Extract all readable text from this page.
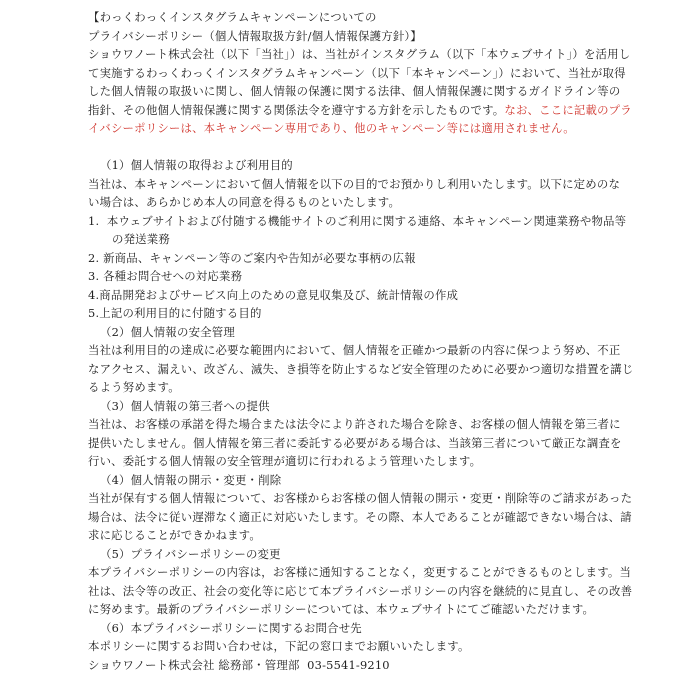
【わっくわっくインスタグラムキャンペーンについての
プライバシーポリシー（個人情報取扱方針/個人情報保護方針）】
ショウワノート株式会社（以下「当社」）は、当社がインスタグラム（以下「本ウェブサイト」）を活用し
て実施するわっくわっくインスタグラムキャンペーン（以下「本キャンペーン」）において、当社が取得
した個人情報の取扱いに関し、個人情報の保護に関する法律、個人情報保護に関するガイドライン等の
指針、その他個人情報保護に関する関係法令を遵守する方針を示したものです。なお、ここに記載のプラ
イバシーポリシーは、本キャンペーン専用であり、他のキャンペーン等には適用されません。
（1）個人情報の取得および利用目的
当社は、本キャンペーンにおいて個人情報を以下の目的でお預かりし利用いたします。以下に定めのな
い場合は、あらかじめ本人の同意を得るものといたします。
1.  本ウェブサイトおよび付随する機能サイトのご利用に関する連絡、本キャンペーン関連業務や物品等
の発送業務
2. 新商品、キャンペーン等のご案内や告知が必要な事柄の広報
3. 各種お問合せへの対応業務
4.商品開発およびサービス向上のための意見収集及び、統計情報の作成
5.上記の利用目的に付随する目的
（2）個人情報の安全管理
当社は利用目的の達成に必要な範囲内において、個人情報を正確かつ最新の内容に保つよう努め、不正
なアクセス、漏えい、改ざん、滅失、き損等を防止するなど安全管理のために必要かつ適切な措置を講じ
るよう努めます。
（3）個人情報の第三者への提供
当社は、お客様の承諾を得た場合または法令により許された場合を除き、お客様の個人情報を第三者に
提供いたしません。個人情報を第三者に委託する必要がある場合は、当該第三者について厳正な調査を
行い、委託する個人情報の安全管理が適切に行われるよう管理いたします。
（4）個人情報の開示・変更・削除
当社が保有する個人情報について、お客様からお客様の個人情報の開示・変更・削除等のご請求があった
場合は、法令に従い遅滞なく適正に対応いたします。その際、本人であることが確認できない場合は、請
求に応じることができかねます。
（5）プライバシーポリシーの変更
本プライバシーポリシーの内容は，お客様に通知することなく，変更することができるものとします。当
社は、法令等の改正、社会の変化等に応じて本プライバシーポリシーの内容を継続的に見直し、その改善
に努めます。最新のプライバシーポリシーについては、本ウェブサイトにてご確認いただけます。
（6）本プライバシーポリシーに関するお問合せ先
本ポリシーに関するお問い合わせは，下記の窓口までお願いいたします。
ショウワノート株式会社 総務部・管理部  03-5541-9210
